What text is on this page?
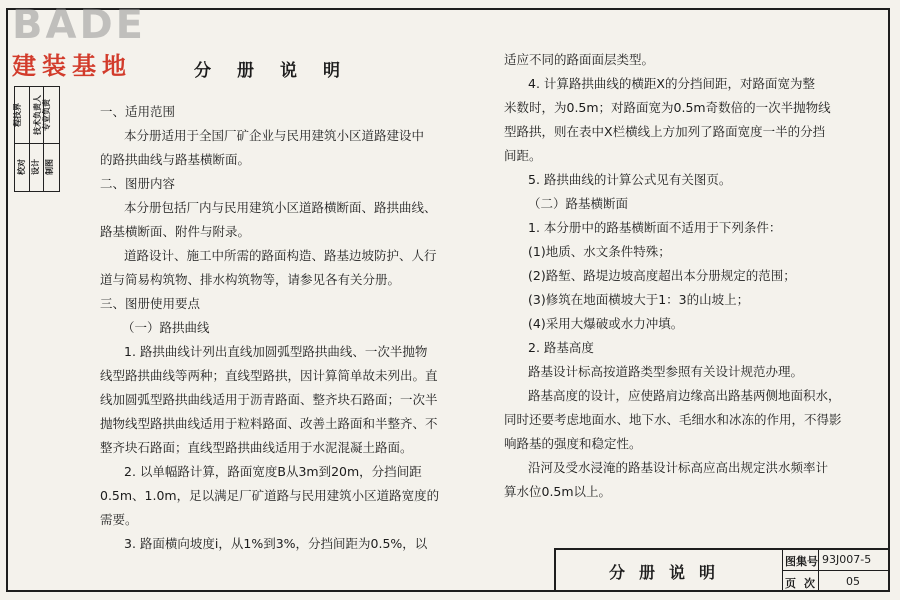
BADE
建装基地
程技界 技术负责人 专业负责
校对 设计 制图
分册说明

一、适用范围

本分册适用于全国厂矿企业与民用建筑小区道路建设中

的路拱曲线与路基横断面。

二、图册内容

本分册包括厂内与民用建筑小区道路横断面、路拱曲线、

路基横断面、附件与附录。

道路设计、施工中所需的路面构造、路基边坡防护、人行

道与简易构筑物、排水构筑物等，请参见各有关分册。

三、图册使用要点

（一）路拱曲线

1. 路拱曲线计列出直线加圆弧型路拱曲线、一次半抛物

线型路拱曲线等两种；直线型路拱，因计算简单故未列出。直

线加圆弧型路拱曲线适用于沥青路面、整齐块石路面；一次半

抛物线型路拱曲线适用于粒料路面、改善土路面和半整齐、不

整齐块石路面；直线型路拱曲线适用于水泥混凝土路面。

2. 以单幅路计算，路面宽度B从3m到20m，分挡间距

0.5m、1.0m，足以满足厂矿道路与民用建筑小区道路宽度的

需要。

3. 路面横向坡度i，从1%到3%，分挡间距为0.5%，以

适应不同的路面面层类型。

4. 计算路拱曲线的横距X的分挡间距，对路面宽为整

米数时，为0.5m；对路面宽为0.5m奇数倍的一次半抛物线

型路拱，则在表中X栏横线上方加列了路面宽度一半的分挡

间距。

5. 路拱曲线的计算公式见有关图页。

（二）路基横断面

1. 本分册中的路基横断面不适用于下列条件：

(1)地质、水文条件特殊；

(2)路堑、路堤边坡高度超出本分册规定的范围；

(3)修筑在地面横坡大于1：3的山坡上；

(4)采用大爆破或水力冲填。

2. 路基高度

路基设计标高按道路类型参照有关设计规范办理。

路基高度的设计，应使路肩边缘高出路基两侧地面积水，

同时还要考虑地面水、地下水、毛细水和冰冻的作用，不得影

响路基的强度和稳定性。

沿河及受水浸淹的路基设计标高应高出规定洪水频率计

算水位0.5m以上。

分册说明
图集号 93J007-5
页次 05
